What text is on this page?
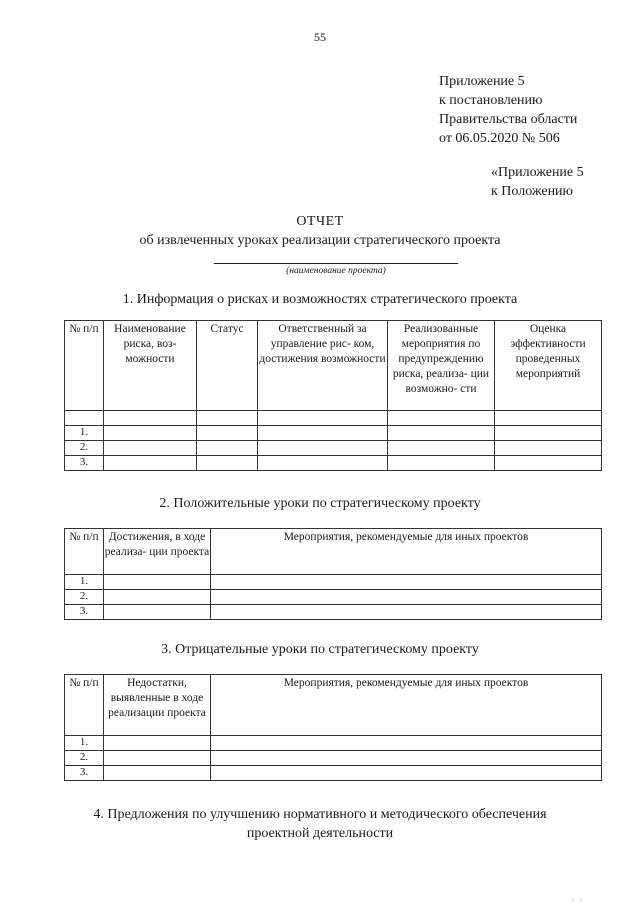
55
Приложение 5
к постановлению
Правительства области
от 06.05.2020 № 506
«Приложение 5
к Положению
ОТЧЕТ
об извлеченных уроках реализации стратегического проекта
(наименование проекта)
1. Информация о рисках и возможностях стратегического проекта
№ п/п	Наименование риска, воз- можности	Статус	Ответственный за управление рис- ком, достижения возможности	Реализованные мероприятия по предупреждению риска, реализа- ции возможно- сти	Оценка эффективности проведенных мероприятий

1.					
2.					
3.					
2. Положительные уроки по стратегическому проекту
№ п/п	Достижения, в ходе реализа- ции проекта	Мероприятия, рекомендуемые для иных проектов
1.		
2.		
3.		
3. Отрицательные уроки по стратегическому проекту
№ п/п	Недостатки, выявленные в ходе реализации проекта	Мероприятия, рекомендуемые для иных проектов
1.		
2.		
3.		
4. Предложения по улучшению нормативного и методического обеспечения
проектной деятельности
. .
